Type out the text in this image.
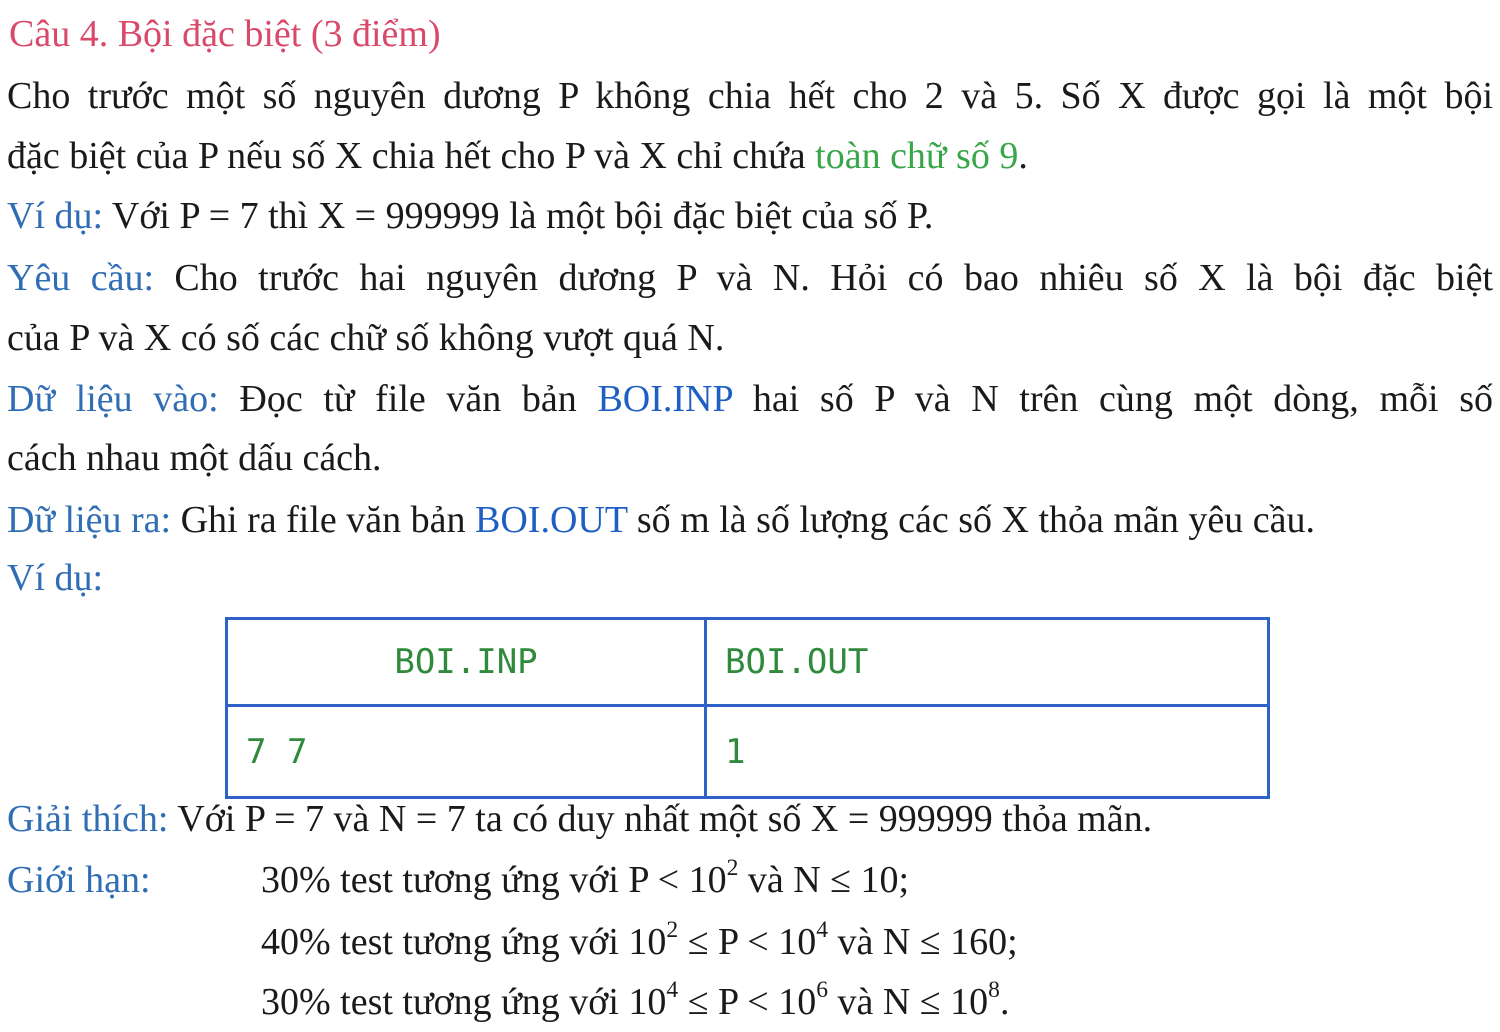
Câu 4. Bội đặc biệt (3 điểm)
Cho trước một số nguyên dương P không chia hết cho 2 và 5. Số X được gọi là một bội
đặc biệt của P nếu số X chia hết cho P và X chỉ chứa toàn chữ số 9.
Ví dụ: Với P = 7 thì X = 999999 là một bội đặc biệt của số P.
Yêu cầu: Cho trước hai nguyên dương P và N. Hỏi có bao nhiêu số X là bội đặc biệt
của P và X có số các chữ số không vượt quá N.
Dữ liệu vào: Đọc từ file văn bản BOI.INP hai số P và N trên cùng một dòng, mỗi số
cách nhau một dấu cách.
Dữ liệu ra: Ghi ra file văn bản BOI.OUT số m là số lượng các số X thỏa mãn yêu cầu.
Ví dụ:
BOI.INP	BOI.OUT
7 7	1
Giải thích: Với P = 7 và N = 7 ta có duy nhất một số X = 999999 thỏa mãn.
Giới hạn:	30% test tương ứng với $P < 10^2$ và N ≤ 10;
40% test tương ứng với $10^2 \le P < 10^4$ và N ≤ 160;
30% test tương ứng với $10^4 \le P < 10^6$ và $N \le 10^8$.
